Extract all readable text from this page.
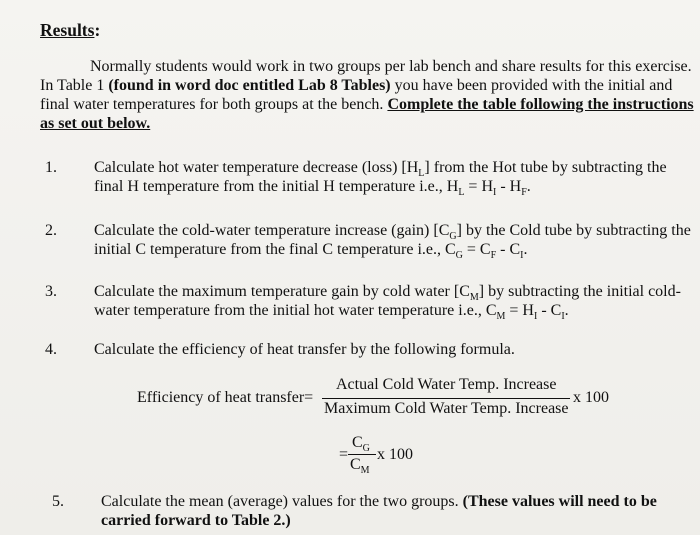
Results:
Normally students would work in two groups per lab bench and share results for this exercise. In Table 1 (found in word doc entitled Lab 8 Tables) you have been provided with the initial and final water temperatures for both groups at the bench. Complete the table following the instructions as set out below.
1. Calculate hot water temperature decrease (loss) $[H_L]$ from the Hot tube by subtracting the final H temperature from the initial H temperature i.e., $H_L = H_I - H_F$.
2. Calculate the cold-water temperature increase (gain) $[C_G]$ by the Cold tube by subtracting the initial C temperature from the final C temperature i.e., $C_G = C_F - C_I$.
3. Calculate the maximum temperature gain by cold water $[C_M]$ by subtracting the initial cold-water temperature from the initial hot water temperature i.e., $C_M = H_I - C_I$.
4. Calculate the efficiency of heat transfer by the following formula.
Efficiency of heat transfer=
Actual Cold Water Temp. Increase
Maximum Cold Water Temp. Increase
x 100
=
$C_G$
$C_M$
x 100
5. Calculate the mean (average) values for the two groups. (These values will need to be carried forward to Table 2.)
